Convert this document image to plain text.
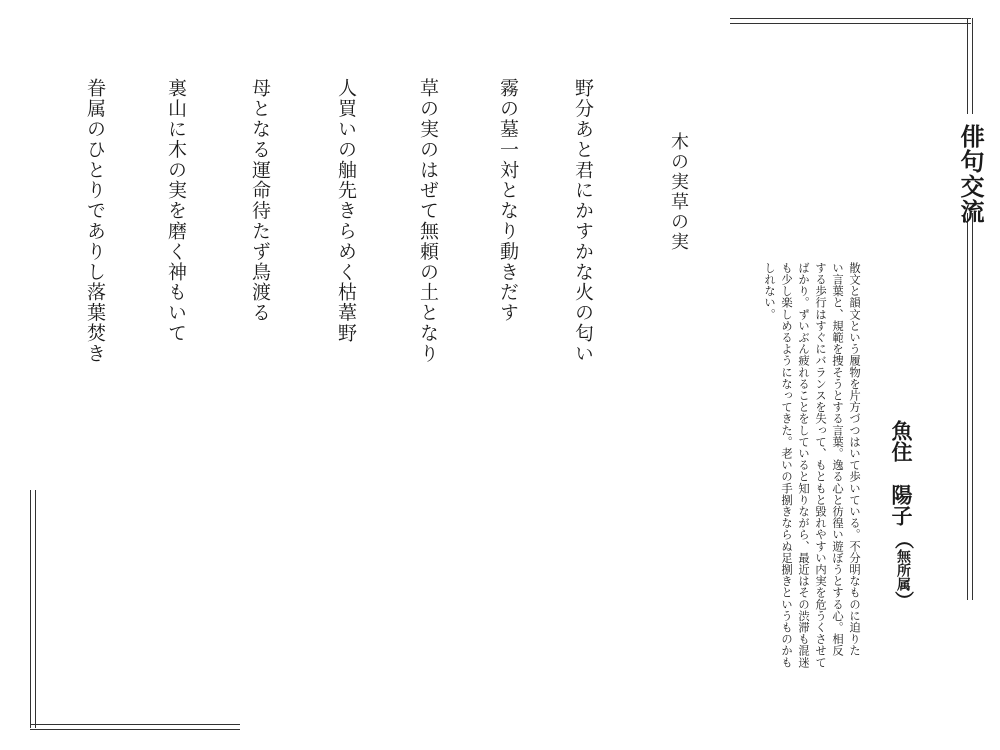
俳句交流
魚住陽子
（無所属）
散文と韻文という履物を片方づつはいて歩いている。不分明なものに迫りた
い言葉と、規範を捜そうとする言葉。逸る心と彷徨い遊ぼうとする心。相反
する歩行はすぐにバランスを失って、もともと毀れやすい内実を危うくさせて
ばかり。ずいぶん疲れることをしていると知りながら、最近はその渋滞も混迷
も少し楽しめるようになってきた。老いの手捌きならぬ足捌きというものかも
しれない。
木の実草の実
野分あと君にかすかな火の匂い
霧の墓一対となり動きだす
草の実のはぜて無頼の土となり
人買いの舳先きらめく枯葦野
母となる運命待たず鳥渡る
裏山に木の実を磨く神もいて
眷属のひとりでありし落葉焚き
